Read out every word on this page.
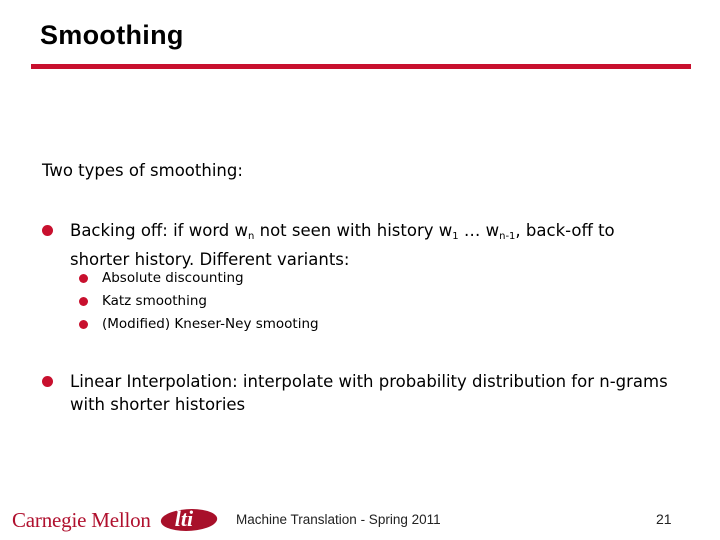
Smoothing
Two types of smoothing:
Backing off: if word $w_n$ not seen with history $w_1$ … $w_{n-1}$, back-off to shorter history. Different variants:
Absolute discounting
Katz smoothing
(Modified) Kneser-Ney smooting
Linear Interpolation: interpolate with probability distribution for n-grams with shorter histories
Carnegie Mellon lti	Machine Translation - Spring 2011	21
